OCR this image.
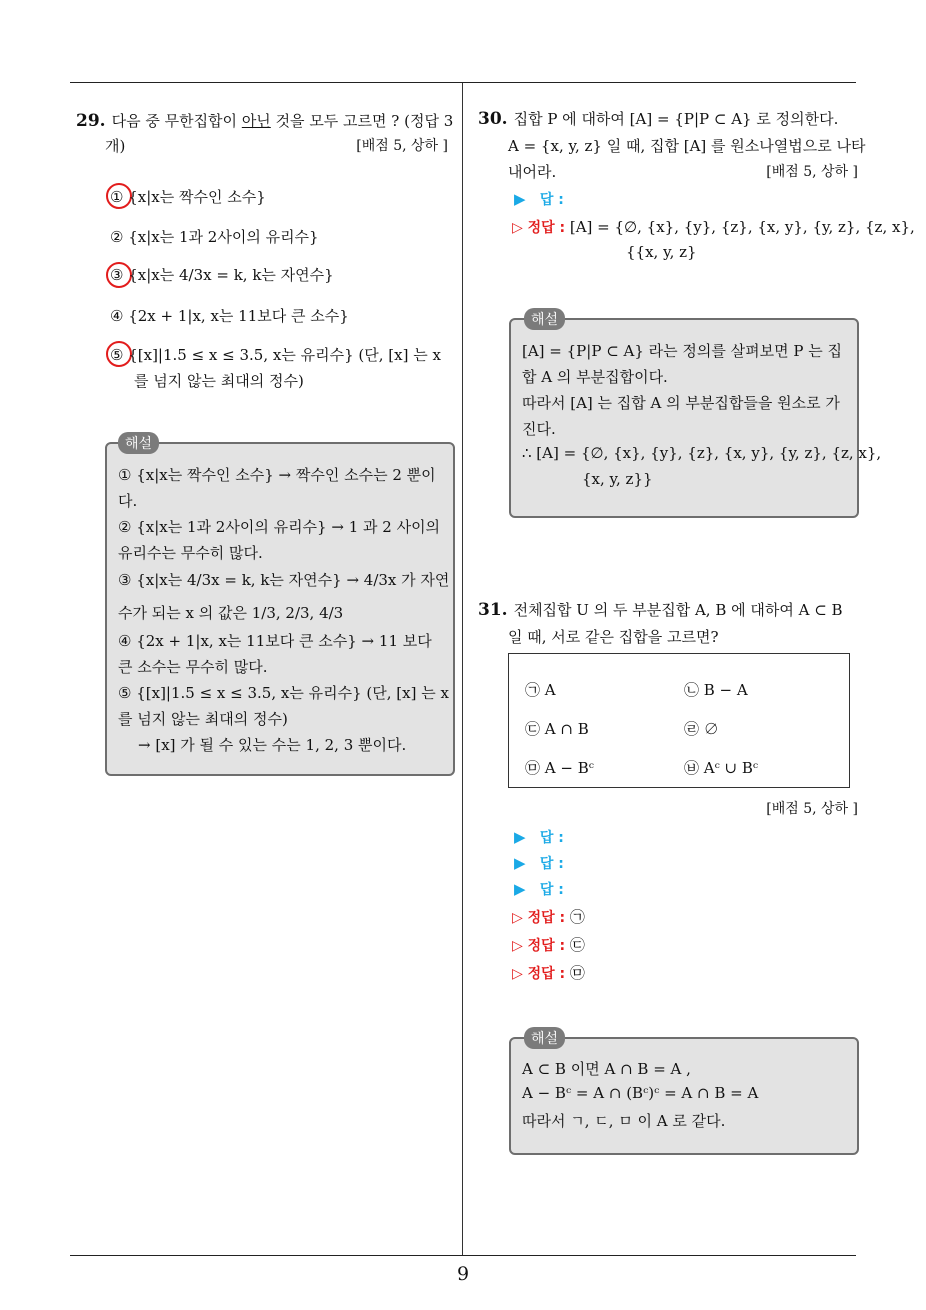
9
29. 다음 중 무한집합이 아닌 것을 모두 고르면 ? (정답 3
개)	[배점 5, 상하 ]
① {x|x는 짝수인 소수}
② {x|x는 1과 2사이의 유리수}
③ {x|x는 4/3x = k, k는 자연수}
④ {2x + 1|x, x는 11보다 큰 소수}
⑤ {[x]|1.5 ≤ x ≤ 3.5, x는 유리수} (단, [x] 는 x
를 넘지 않는 최대의 정수)
해설
① {x|x는 짝수인 소수} → 짝수인 소수는 2 뿐이
다.
② {x|x는 1과 2사이의 유리수} → 1 과 2 사이의
유리수는 무수히 많다.
③ {x|x는 4/3x = k, k는 자연수} → 4/3x 가 자연
수가 되는 x 의 값은 1/3, 2/3, 4/3
④ {2x + 1|x, x는 11보다 큰 소수} → 11 보다
큰 소수는 무수히 많다.
⑤ {[x]|1.5 ≤ x ≤ 3.5, x는 유리수} (단, [x] 는 x
를 넘지 않는 최대의 정수)
→ [x] 가 될 수 있는 수는 1, 2, 3 뿐이다.
30. 집합 P 에 대하여 [A] = {P|P ⊂ A} 로 정의한다.
A = {x, y, z} 일 때, 집합 [A] 를 원소나열법으로 나타
내어라.	[배점 5, 상하 ]
▶ 답 :
▷ 정답 : [A] = {∅, {x}, {y}, {z}, {x, y}, {y, z}, {z, x},
{{x, y, z}
해설
[A] = {P|P ⊂ A} 라는 정의를 살펴보면 P 는 집
합 A 의 부분집합이다.
따라서 [A] 는 집합 A 의 부분집합들을 원소로 가
진다.
∴ [A] = {∅, {x}, {y}, {z}, {x, y}, {y, z}, {z, x},
{x, y, z}}
31. 전체집합 U 의 두 부분집합 A, B 에 대하여 A ⊂ B
일 때, 서로 같은 집합을 고르면?
㉠ A	㉡ B − A
㉢ A ∩ B	㉣ ∅
㉤ A − Bᶜ	㉥ Aᶜ ∪ Bᶜ
[배점 5, 상하 ]
▶ 답 :
▶ 답 :
▶ 답 :
▷ 정답 : ㉠
▷ 정답 : ㉢
▷ 정답 : ㉤
해설
A ⊂ B 이면 A ∩ B = A ,
A − Bᶜ = A ∩ (Bᶜ)ᶜ = A ∩ B = A
따라서 ㄱ, ㄷ, ㅁ 이 A 로 같다.
